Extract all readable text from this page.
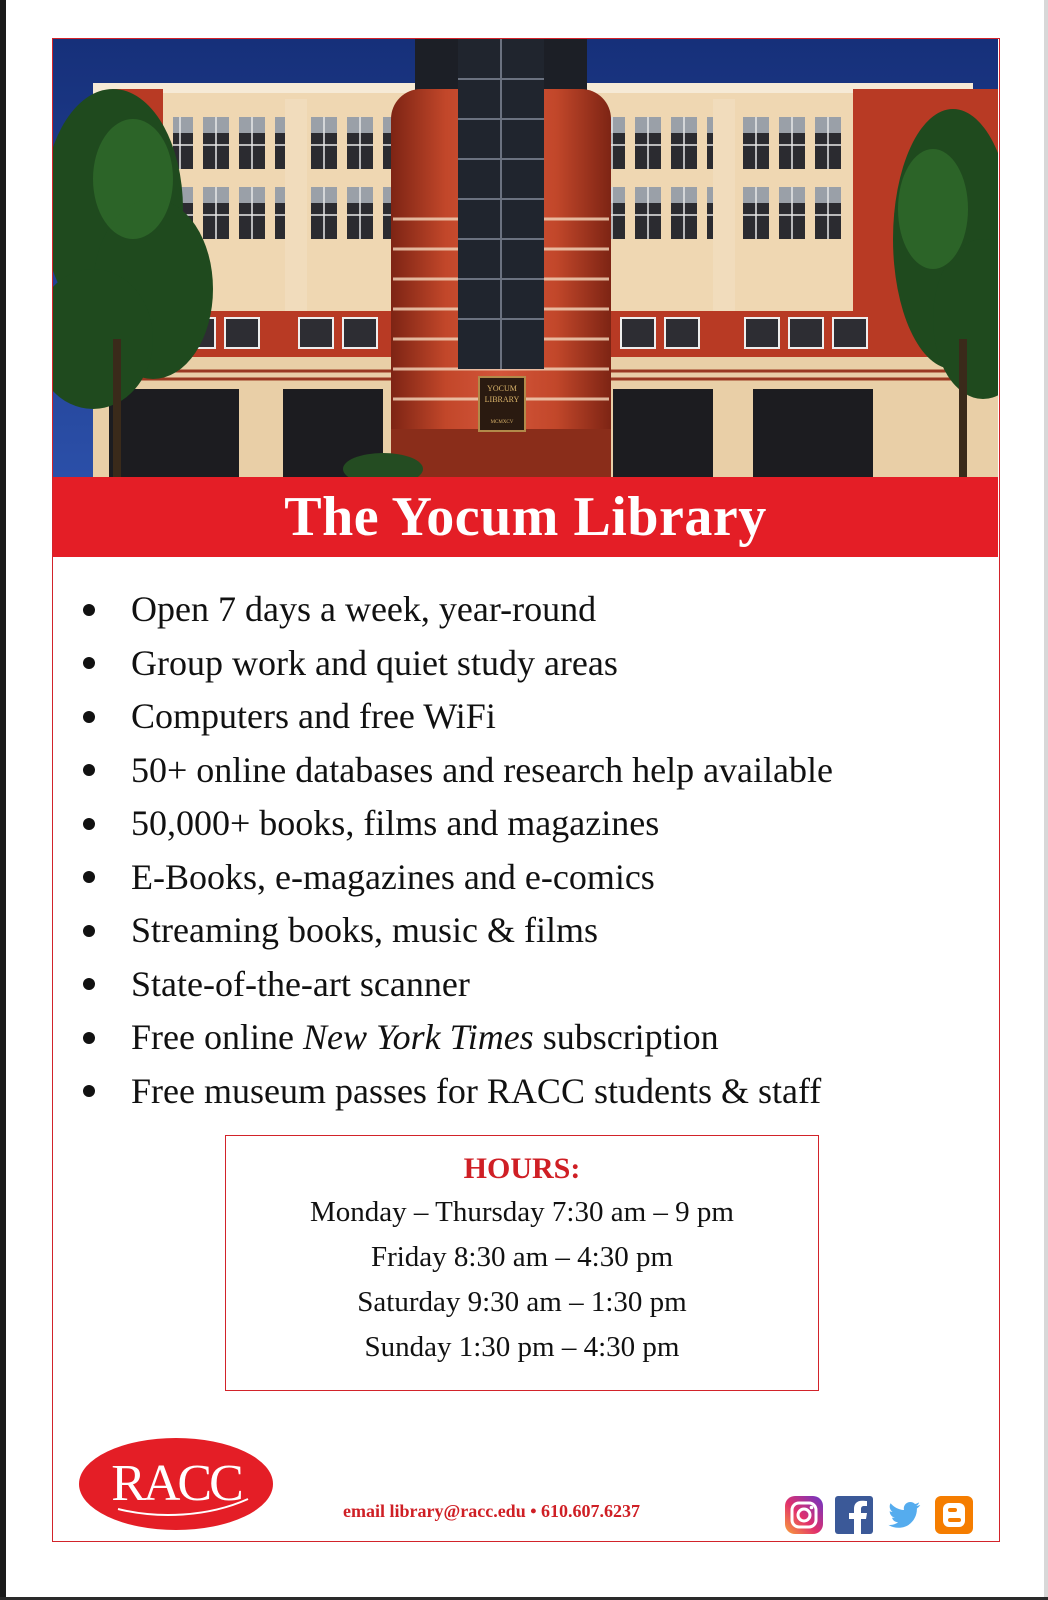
YOCUM
LIBRARY
MCMXCV
The Yocum Library
Open 7 days a week, year-round
Group work and quiet study areas
Computers and free WiFi
50+ online databases and research help available
50,000+ books, films and magazines
E-Books, e-magazines and e-comics
Streaming books, music & films
State-of-the-art scanner
Free online New York Times subscription
Free museum passes for RACC students & staff
HOURS:
Monday – Thursday 7:30 am – 9 pm
Friday 8:30 am – 4:30 pm
Saturday 9:30 am – 1:30 pm
Sunday 1:30 pm – 4:30 pm
RACC	email library@racc.edu • 610.607.6237
